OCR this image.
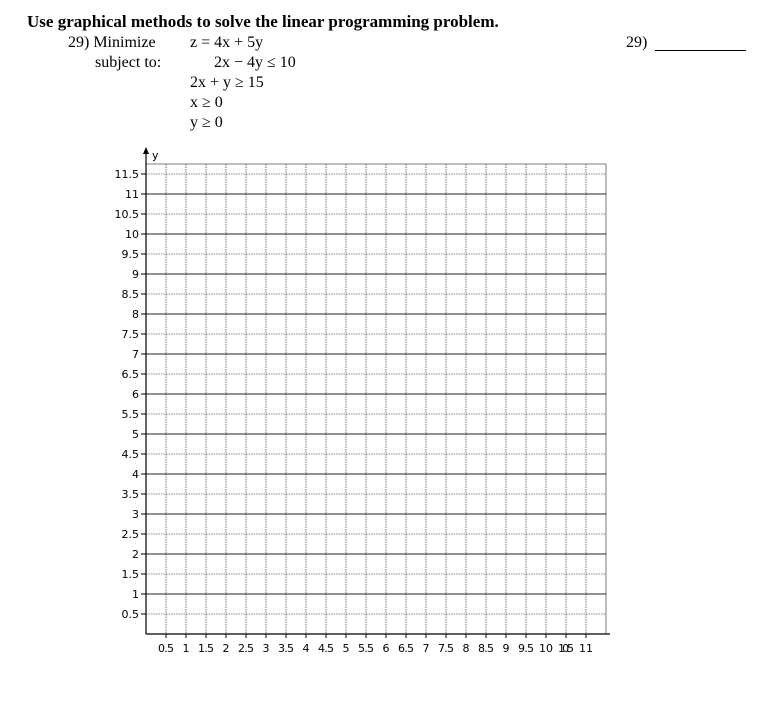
Use graphical methods to solve the linear programming problem.
29) Minimize
subject to:
z = 4x + 5y
2x − 4y ≤ 10
2x + y ≥ 15
x ≥ 0
y ≥ 0
29)
y
0.5
1
1.5
2
2.5
3
3.5
4
4.5
5
5.5
6
6.5
7
7.5
8
8.5
9
9.5
10
10.5
11
11.5
0.5 1 1.5 2 2.5 3 3.5 4 4.5 5 5.5 6 6.5 7 7.5 8 8.5 9 9.5 10 10.5 11
